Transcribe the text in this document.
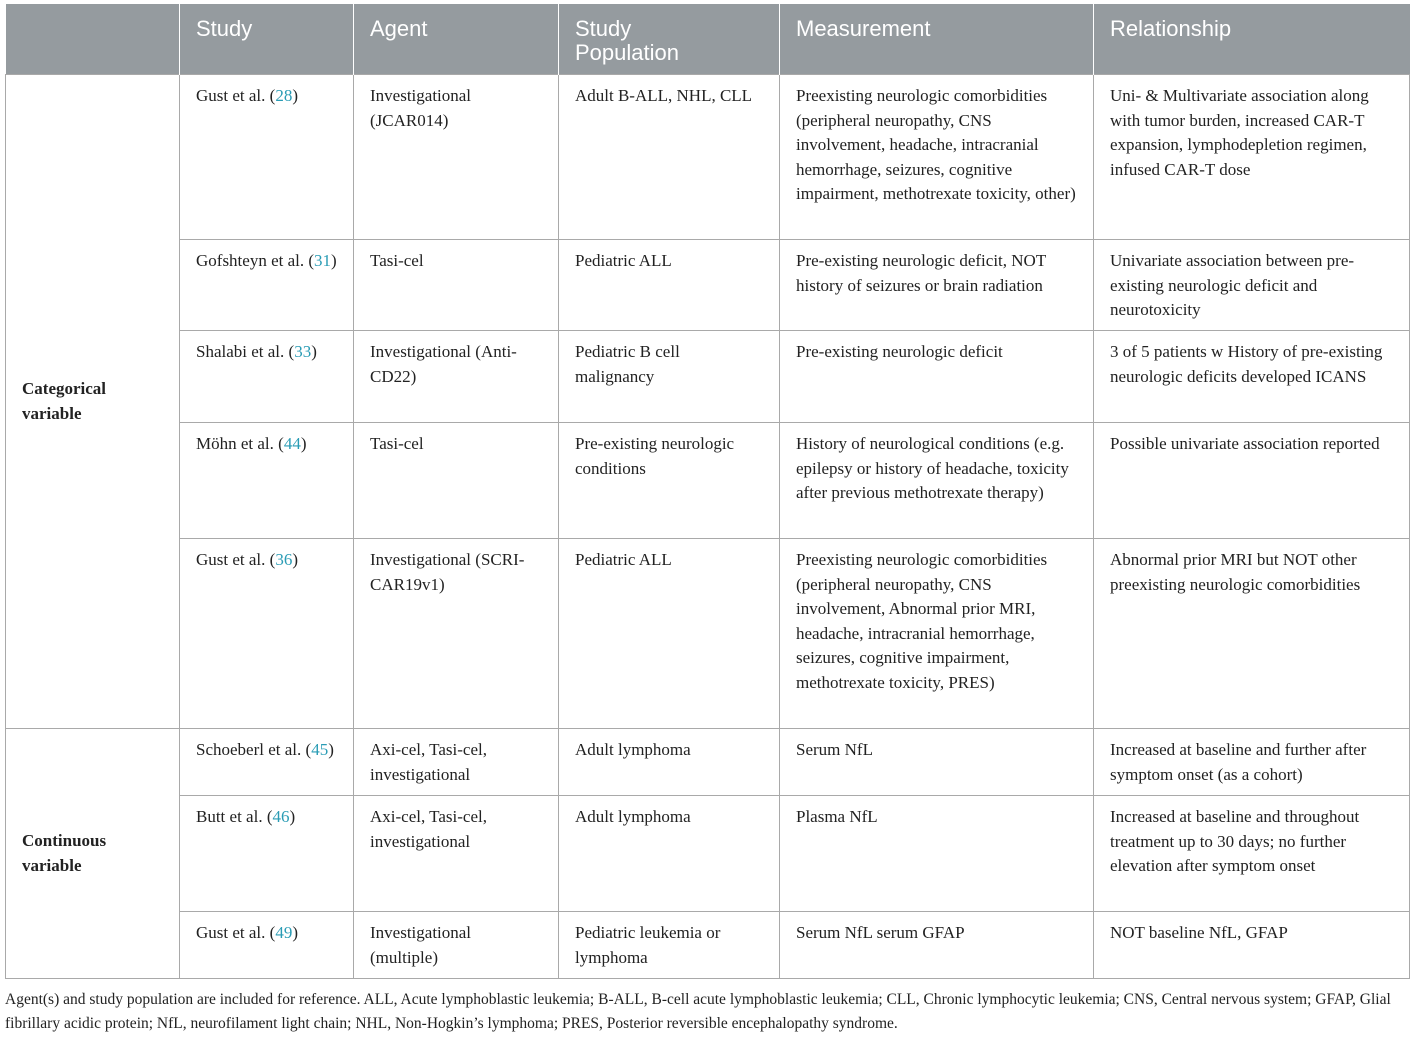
	Study	Agent	Study Population	Measurement	Relationship
Categorical variable	Gust et al. (28)	Investigational (JCAR014)	Adult B-ALL, NHL, CLL	Preexisting neurologic comorbidities (peripheral neuropathy, CNS involvement, headache, intracranial hemorrhage, seizures, cognitive impairment, methotrexate toxicity, other)	Uni- & Multivariate association along with tumor burden, increased CAR-T expansion, lymphodepletion regimen, infused CAR-T dose
	Gofshteyn et al. (31)	Tasi-cel	Pediatric ALL	Pre-existing neurologic deficit, NOT history of seizures or brain radiation	Univariate association between pre-existing neurologic deficit and neurotoxicity
	Shalabi et al. (33)	Investigational (Anti-CD22)	Pediatric B cell malignancy	Pre-existing neurologic deficit	3 of 5 patients w History of pre-existing neurologic deficits developed ICANS
	Möhn et al. (44)	Tasi-cel	Pre-existing neurologic conditions	History of neurological conditions (e.g. epilepsy or history of headache, toxicity after previous methotrexate therapy)	Possible univariate association reported
	Gust et al. (36)	Investigational (SCRI-CAR19v1)	Pediatric ALL	Preexisting neurologic comorbidities (peripheral neuropathy, CNS involvement, Abnormal prior MRI, headache, intracranial hemorrhage, seizures, cognitive impairment, methotrexate toxicity, PRES)	Abnormal prior MRI but NOT other preexisting neurologic comorbidities
Continuous variable	Schoeberl et al. (45)	Axi-cel, Tasi-cel, investigational	Adult lymphoma	Serum NfL	Increased at baseline and further after symptom onset (as a cohort)
	Butt et al. (46)	Axi-cel, Tasi-cel, investigational	Adult lymphoma	Plasma NfL	Increased at baseline and throughout treatment up to 30 days; no further elevation after symptom onset
	Gust et al. (49)	Investigational (multiple)	Pediatric leukemia or lymphoma	Serum NfL serum GFAP	NOT baseline NfL, GFAP
Agent(s) and study population are included for reference. ALL, Acute lymphoblastic leukemia; B-ALL, B-cell acute lymphoblastic leukemia; CLL, Chronic lymphocytic leukemia; CNS, Central nervous system; GFAP, Glial fibrillary acidic protein; NfL, neurofilament light chain; NHL, Non-Hogkin’s lymphoma; PRES, Posterior reversible encephalopathy syndrome.
